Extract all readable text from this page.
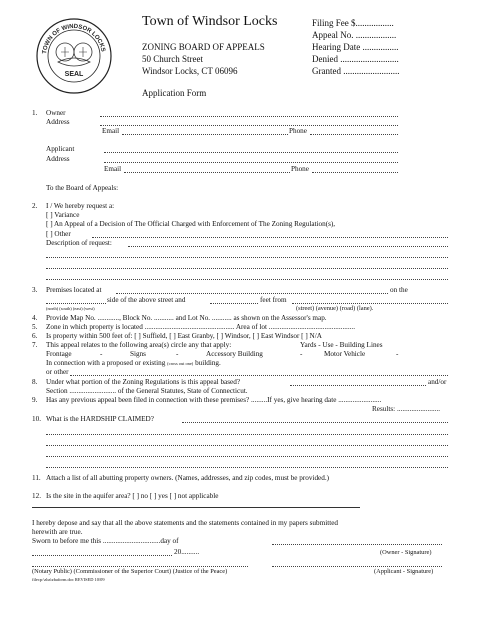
TOWN OF WINDSOR LOCKS
SEAL
Town of Windsor Locks
ZONING BOARD OF APPEALS
50 Church Street
Windsor Locks, CT 06096
Application Form
Filing Fee $.................
Appeal No. ..................
Hearing Date ................
Denied ..........................
Granted .........................
1. Owner
Address
Email	Phone
Applicant
Address
Email	Phone
To the Board of Appeals:
2. I / We hereby request a:
[ ] Variance
[ ] An Appeal of a Decision of The Official Charged with Enforcement of The Zoning Regulation(s),
[ ] Other
Description of request:
3. Premises located at	on the
side of the above street and	feet from
(north) (south) (east) (west)	(street) (avenue) (road) (lane).
4. Provide Map No. ............, Block No. ........... and Lot No. ........... as shown on the Assessor's map.
5. Zone in which property is located .................................................. Area of lot ................................................
6. Is property within 500 feet of: [ ] Suffield, [ ] East Granby, [ ] Windsor, [ ] East Windsor [ ] N/A
7. This appeal relates to the following area(s) circle any that apply:	Yards - Use - Building Lines
Frontage	-	Signs	-	Accessory Building	-	Motor Vehicle	-
In connection with a proposed or existing (cross out one) building.
or other
8. Under what portion of the Zoning Regulations is this appeal based?	and/or
Section .......................... of the General Statutes, State of Connecticut.
9. Has any previous appeal been filed in connection with these premises? .........If yes, give hearing date ........................
Results: ........................
10. What is the HARDSHIP CLAIMED?
11. Attach a list of all abutting property owners. (Names, addresses, and zip codes, must be provided.)
12. Is the site in the aquifer area? [ ] no [ ] yes [ ] not applicable
I hereby depose and say that all the above statements and the statements contained in my papers submitted
herewith are true.
Sworn to before me this ................................day of
20..........	(Owner - Signature)
(Notary Public) (Commissioner of the Superior Court) (Justice of the Peace)	(Applicant - Signature)
filecp:\zba\zbaform.doc REVISED 10/09
